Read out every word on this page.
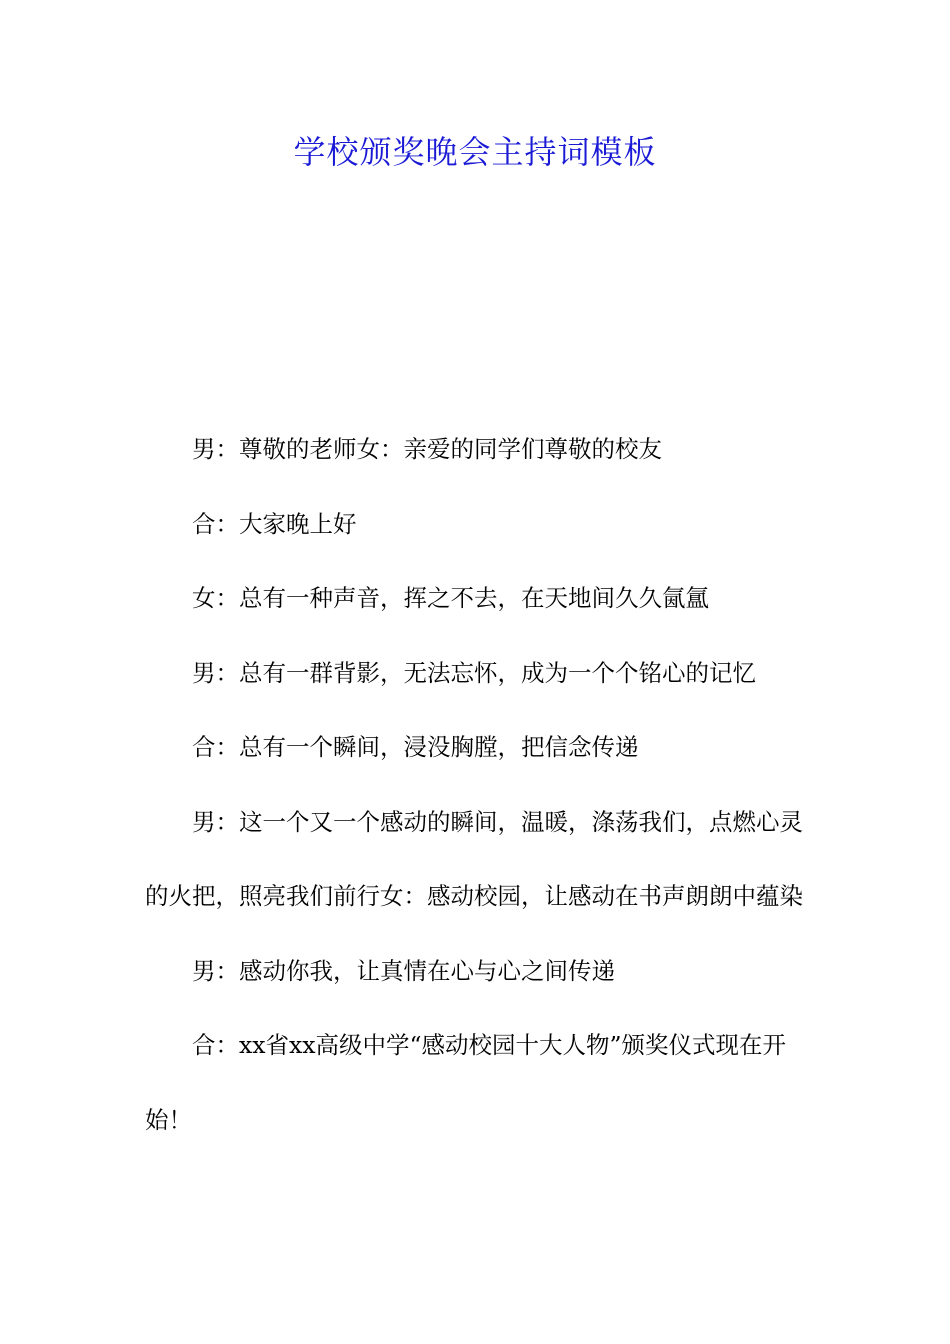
学校颁奖晚会主持词模板

男：尊敬的老师女：亲爱的同学们尊敬的校友

合：大家晚上好

女：总有一种声音，挥之不去，在天地间久久氤氲

男：总有一群背影，无法忘怀，成为一个个铭心的记忆

合：总有一个瞬间，浸没胸膛，把信念传递

男：这一个又一个感动的瞬间，温暖，涤荡我们，点燃心灵的火把，照亮我们前行女：感动校园，让感动在书声朗朗中蕴染

男：感动你我，让真情在心与心之间传递

合：xx省xx高级中学“感动校园十大人物”颁奖仪式现在开始！
